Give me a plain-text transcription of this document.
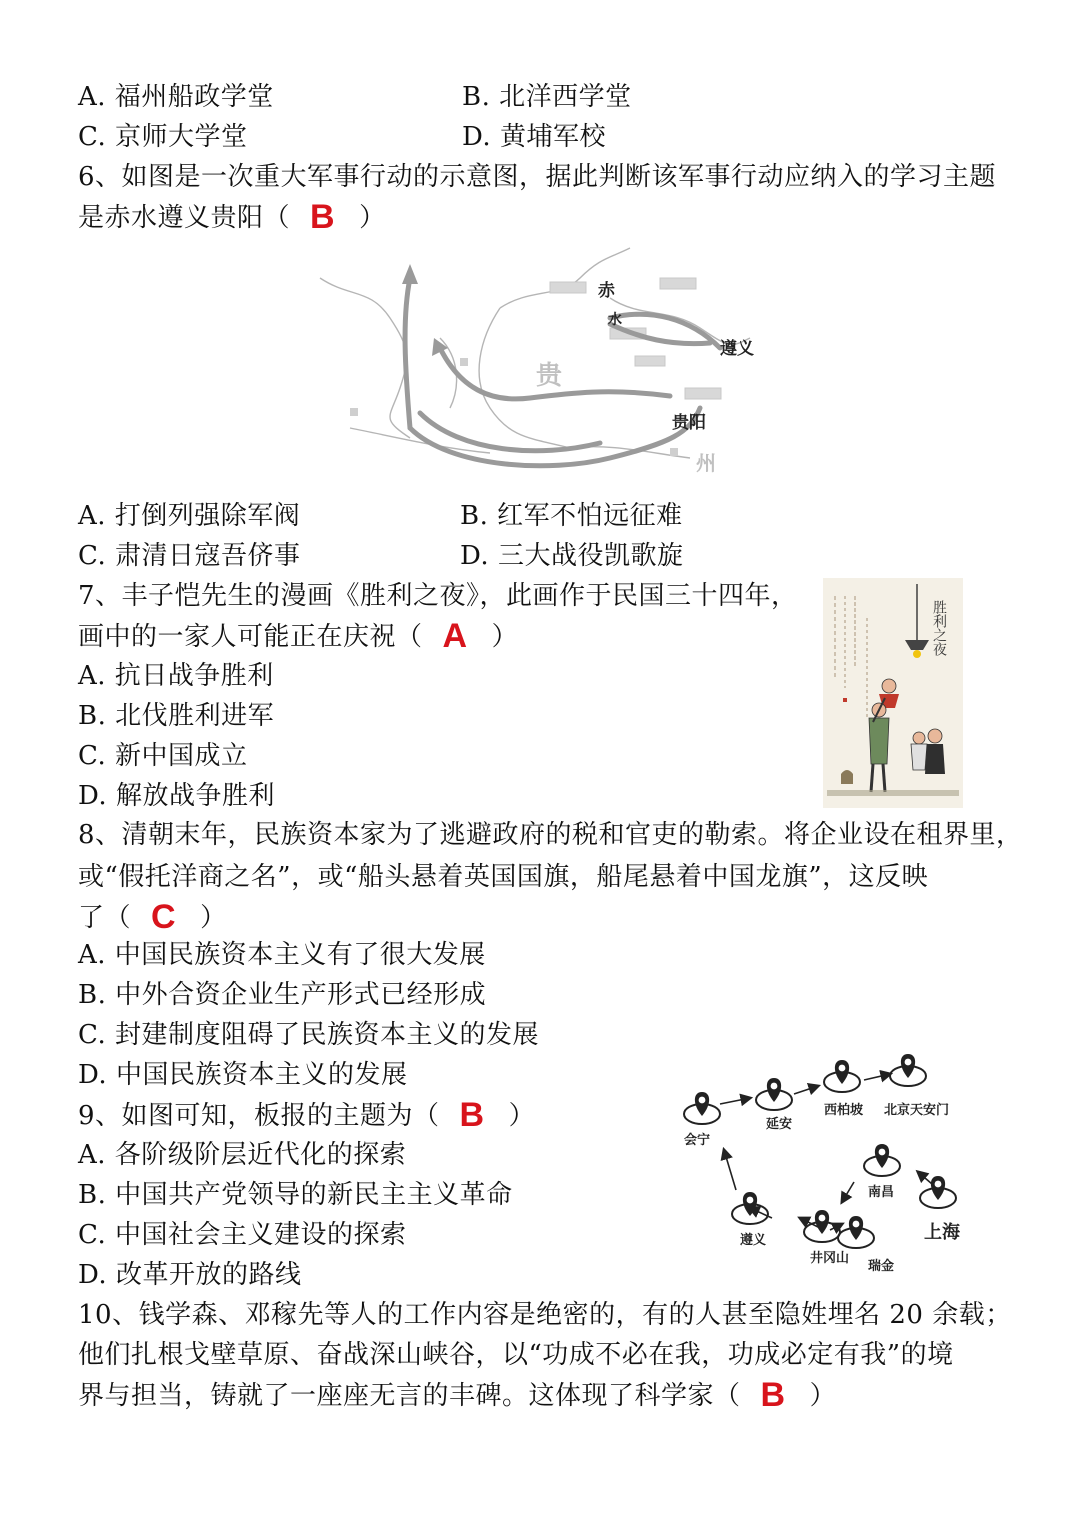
A. 福州船政学堂	B. 北洋西学堂
C. 京师大学堂	D. 黄埔军校
6、如图是一次重大军事行动的示意图，据此判断该军事行动应纳入的学习主题
是赤水遵义贵阳（ B ）
赤
水
遵义
贵阳
贵
州
A. 打倒列强除军阀	B. 红军不怕远征难
C. 肃清日寇吾侪事	D. 三大战役凯歌旋
7、丰子恺先生的漫画《胜利之夜》，此画作于民国三十四年，
画中的一家人可能正在庆祝（ A ）
A. 抗日战争胜利
B. 北伐胜利进军
C. 新中国成立
D. 解放战争胜利
胜利之夜
8、清朝末年，民族资本家为了逃避政府的税和官吏的勒索。将企业设在租界里，
或“假托洋商之名”，或“船头悬着英国国旗，船尾悬着中国龙旗”，这反映
了（ C ）
A. 中国民族资本主义有了很大发展
B. 中外合资企业生产形式已经形成
C. 封建制度阻碍了民族资本主义的发展
D. 中国民族资本主义的发展
9、如图可知，板报的主题为（ B ）
A. 各阶级阶层近代化的探索
B. 中国共产党领导的新民主主义革命
C. 中国社会主义建设的探索
D. 改革开放的路线
会宁
延安
西柏坡 北京天安门
南昌
遵义
井冈山
瑞金
上海
10、钱学森、邓稼先等人的工作内容是绝密的，有的人甚至隐姓埋名 20 余载；
他们扎根戈壁草原、奋战深山峡谷，以“功成不必在我，功成必定有我”的境
界与担当，铸就了一座座无言的丰碑。这体现了科学家（ B ）
